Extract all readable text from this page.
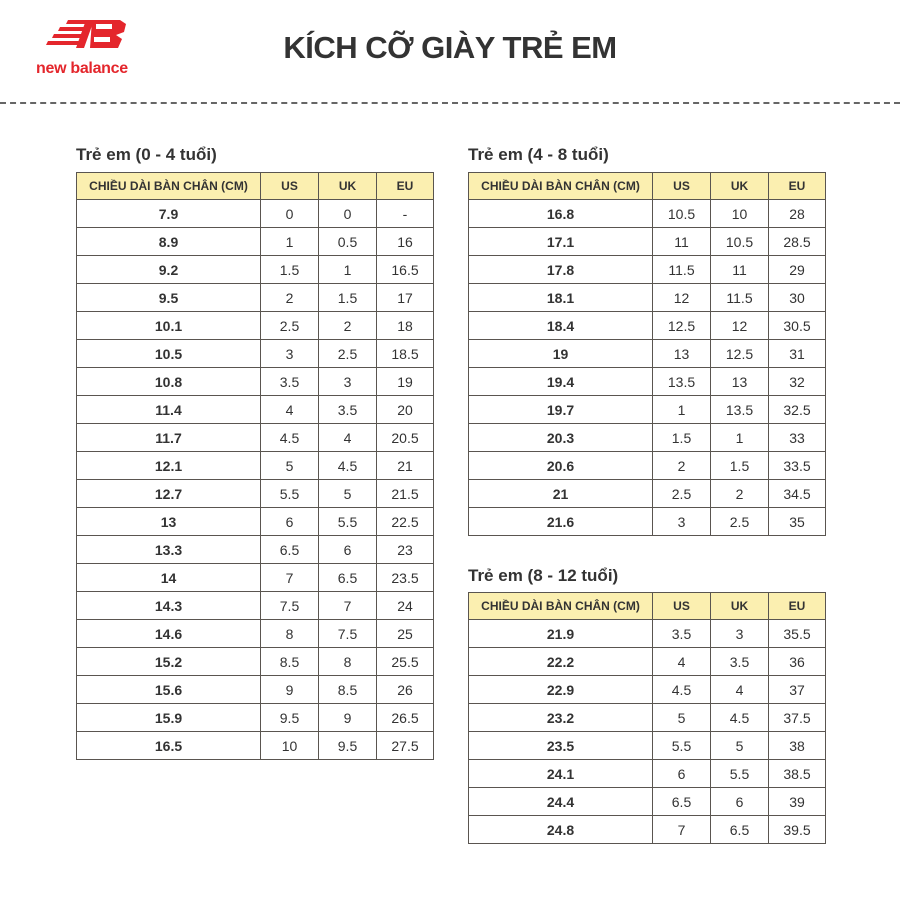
new balance
KÍCH CỠ GIÀY TRẺ EM
Trẻ em (0 - 4 tuổi)
CHIỀU DÀI BÀN CHÂN (CM)	US	UK	EU
7.9	0	0	-
8.9	1	0.5	16
9.2	1.5	1	16.5
9.5	2	1.5	17
10.1	2.5	2	18
10.5	3	2.5	18.5
10.8	3.5	3	19
11.4	4	3.5	20
11.7	4.5	4	20.5
12.1	5	4.5	21
12.7	5.5	5	21.5
13	6	5.5	22.5
13.3	6.5	6	23
14	7	6.5	23.5
14.3	7.5	7	24
14.6	8	7.5	25
15.2	8.5	8	25.5
15.6	9	8.5	26
15.9	9.5	9	26.5
16.5	10	9.5	27.5
Trẻ em (4 - 8 tuổi)
CHIỀU DÀI BÀN CHÂN (CM)	US	UK	EU
16.8	10.5	10	28
17.1	11	10.5	28.5
17.8	11.5	11	29
18.1	12	11.5	30
18.4	12.5	12	30.5
19	13	12.5	31
19.4	13.5	13	32
19.7	1	13.5	32.5
20.3	1.5	1	33
20.6	2	1.5	33.5
21	2.5	2	34.5
21.6	3	2.5	35
Trẻ em (8 - 12 tuổi)
CHIỀU DÀI BÀN CHÂN (CM)	US	UK	EU
21.9	3.5	3	35.5
22.2	4	3.5	36
22.9	4.5	4	37
23.2	5	4.5	37.5
23.5	5.5	5	38
24.1	6	5.5	38.5
24.4	6.5	6	39
24.8	7	6.5	39.5
